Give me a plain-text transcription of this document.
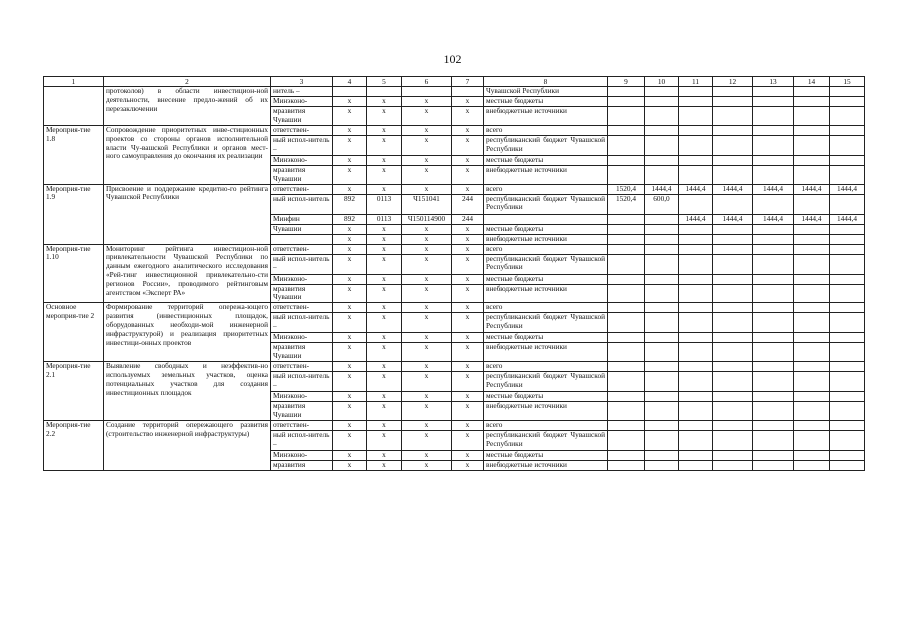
102
1	2	3	4	5	6	7	8	9	10	11	12	13	14	15
	протоколов) в области инвестицион-ной деятельности, внесение предло-жений об их перезаключении	нитель –					Чувашской Республики							
		Минэконо-	x	x	x	x	местные бюджеты							
		мразвития Чувашии	x	x	x	x	внебюджетные источники							
Мероприя-тие 1.8	Сопровождение приоритетных инве-стиционных проектов со стороны органов исполнительной власти Чу-вашской Республики и органов мест-ного самоуправления до окончания их реализации	ответствен-	x	x	x	x	всего							
		ный испол-нитель –	x	x	x	x	республиканский бюджет Чувашской Республики							
		Минэконо-	x	x	x	x	местные бюджеты							
		мразвития Чувашии	x	x	x	x	внебюджетные источники							
Мероприя-тие 1.9	Присвоение и поддержание кредитно-го рейтинга Чувашской Республики	ответствен-	x	x	x	x	всего	1520,4	1444,4	1444,4	1444,4	1444,4	1444,4	1444,4
		ный испол-нитель	892	0113	Ч151041	244	республиканский бюджет Чувашской Республики	1520,4	600,0					
		Минфин	892	0113	Ч150114900	244				1444,4	1444,4	1444,4	1444,4	1444,4
		Чувашии	x	x	x	x	местные бюджеты							
			x	x	x	x	внебюджетные источники							
Мероприя-тие 1.10	Мониторинг рейтинга инвестицион-ной привлекательности Чувашской Республики по данным ежегодного аналитического исследования «Рей-тинг инвестиционной привлекательно-сти регионов России», проводимого рейтинговым агентством «Эксперт РА»	ответствен-	x	x	x	x	всего							
		ный испол-нитель –	x	x	x	x	республиканский бюджет Чувашской Республики							
		Минэконо-	x	x	x	x	местные бюджеты							
		мразвития Чувашии	x	x	x	x	внебюджетные источники							
Основное мероприя-тие 2	Формирование территорий опережа-ющего развития (инвестиционных площадок, оборудованных необходи-мой инженерной инфраструктурой) и реализация приоритетных инвестици-онных проектов	ответствен-	x	x	x	x	всего							
		ный испол-нитель –	x	x	x	x	республиканский бюджет Чувашской Республики							
		Минэконо-	x	x	x	x	местные бюджеты							
		мразвития Чувашии	x	x	x	x	внебюджетные источники							
Мероприя-тие 2.1	Выявление свободных и неэффектив-но используемых земельных участков, оценка потенциальных участков для создания инвестиционных площадок	ответствен-	x	x	x	x	всего							
		ный испол-нитель –	x	x	x	x	республиканский бюджет Чувашской Республики							
		Минэконо-	x	x	x	x	местные бюджеты							
		мразвития Чувашии	x	x	x	x	внебюджетные источники							
Мероприя-тие 2.2	Создание территорий опережающего развития (строительство инженерной инфраструктуры)	ответствен-	x	x	x	x	всего							
		ный испол-нитель –	x	x	x	x	республиканский бюджет Чувашской Республики							
		Минэконо-	x	x	x	x	местные бюджеты							
		мразвития	x	x	x	x	внебюджетные источники							
